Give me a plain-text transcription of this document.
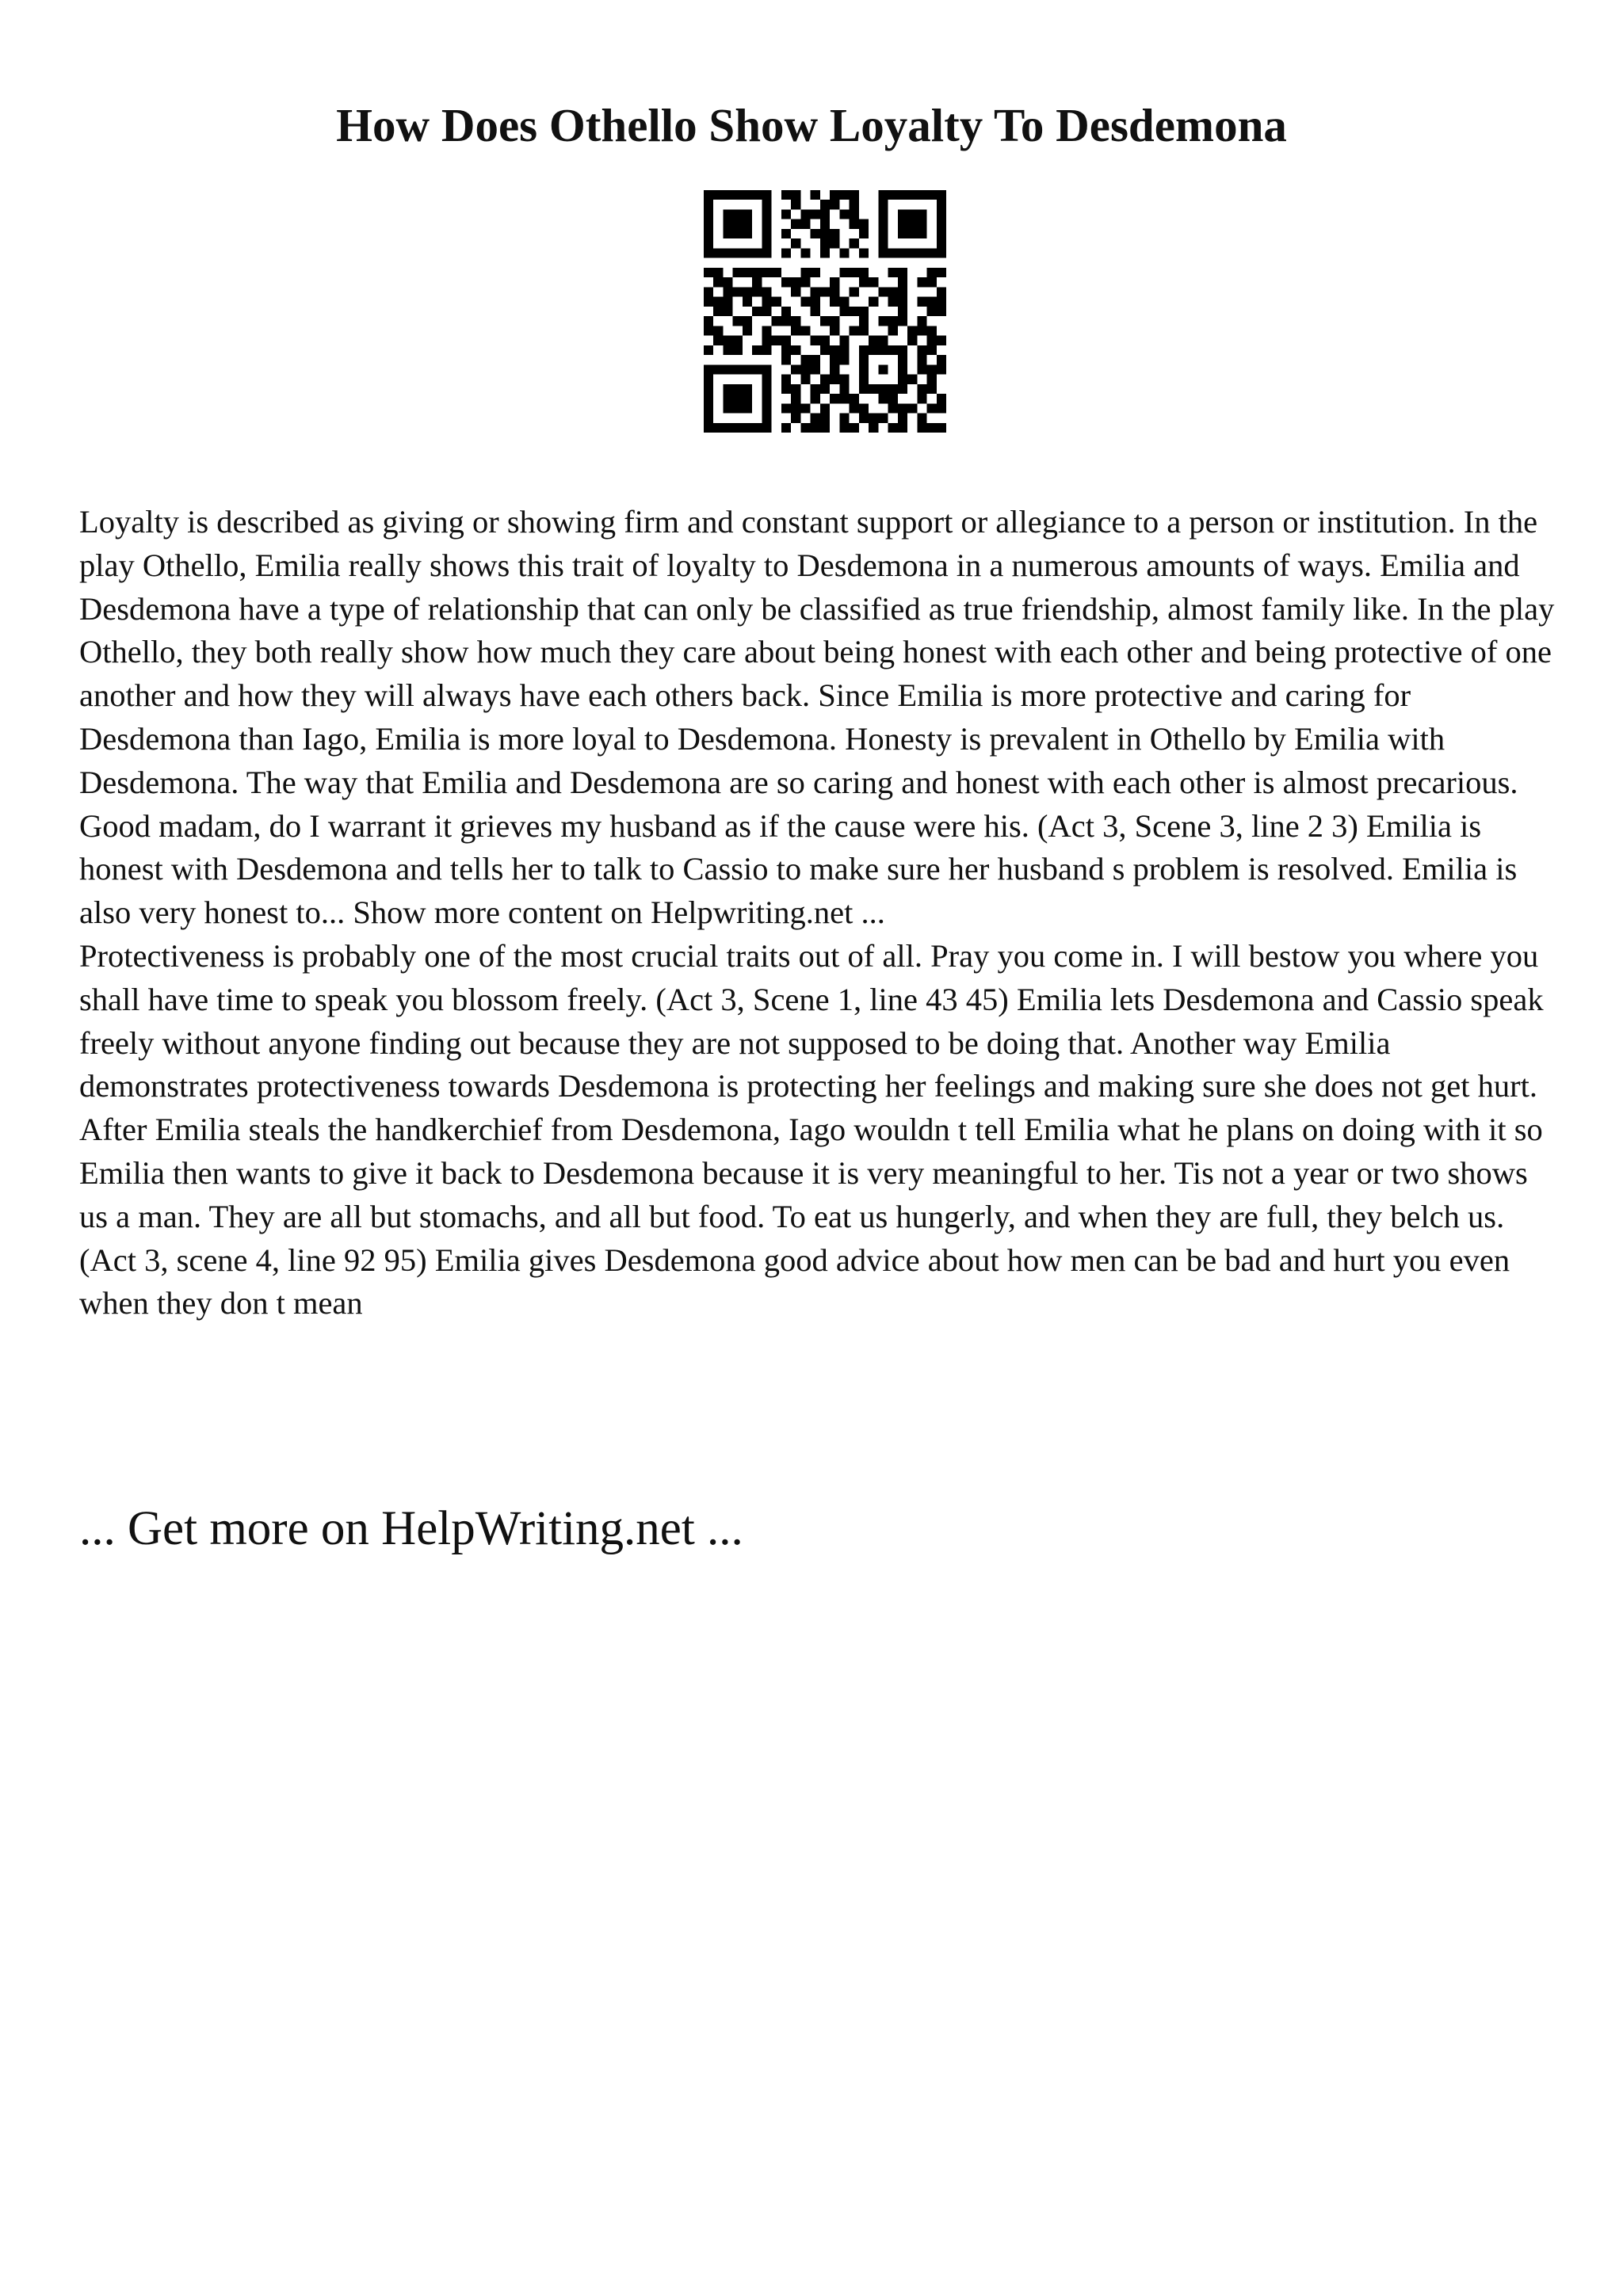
How Does Othello Show Loyalty To Desdemona

Loyalty is described as giving or showing firm and constant support or allegiance to a person or institution. In the play Othello, Emilia really shows this trait of loyalty to Desdemona in a numerous amounts of ways. Emilia and Desdemona have a type of relationship that can only be classified as true friendship, almost family like. In the play Othello, they both really show how much they care about being honest with each other and being protective of one another and how they will always have each others back. Since Emilia is more protective and caring for Desdemona than Iago, Emilia is more loyal to Desdemona. Honesty is prevalent in Othello by Emilia with Desdemona. The way that Emilia and Desdemona are so caring and honest with each other is almost precarious. Good madam, do I warrant it grieves my husband as if the cause were his. (Act 3, Scene 3, line 2 3) Emilia is honest with Desdemona and tells her to talk to Cassio to make sure her husband s problem is resolved. Emilia is also very honest to... Show more content on Helpwriting.net ...

Protectiveness is probably one of the most crucial traits out of all. Pray you come in. I will bestow you where you shall have time to speak you blossom freely. (Act 3, Scene 1, line 43 45) Emilia lets Desdemona and Cassio speak freely without anyone finding out because they are not supposed to be doing that. Another way Emilia demonstrates protectiveness towards Desdemona is protecting her feelings and making sure she does not get hurt. After Emilia steals the handkerchief from Desdemona, Iago wouldn t tell Emilia what he plans on doing with it so Emilia then wants to give it back to Desdemona because it is very meaningful to her. Tis not a year or two shows us a man. They are all but stomachs, and all but food. To eat us hungerly, and when they are full, they belch us. (Act 3, scene 4, line 92 95) Emilia gives Desdemona good advice about how men can be bad and hurt you even when they don t mean

... Get more on HelpWriting.net ...
